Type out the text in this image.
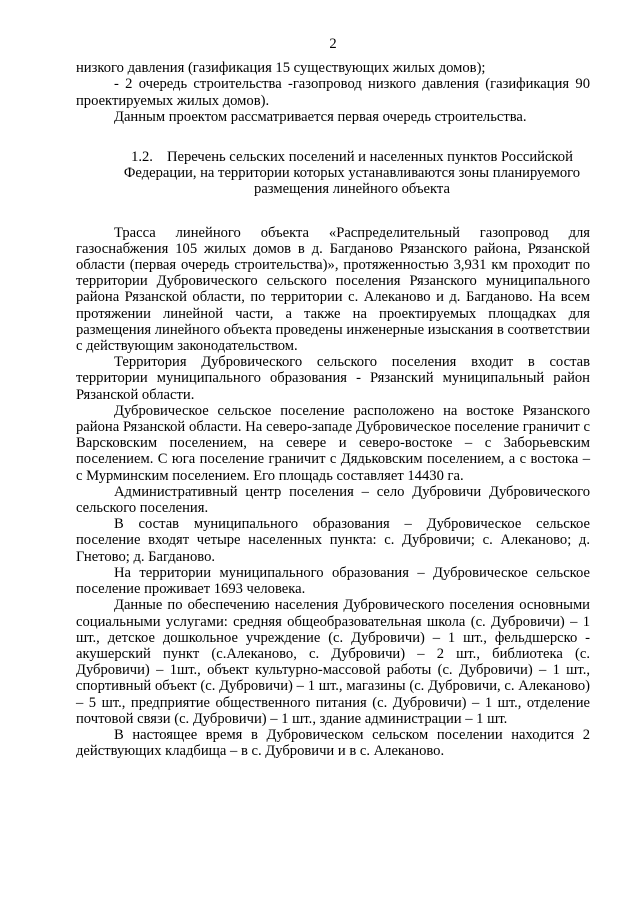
2

низкого давления (газификация 15 существующих жилых домов);

- 2 очередь строительства -газопровод низкого давления (газификация 90 проектируемых жилых домов).

Данным проектом рассматривается первая очередь строительства.

1.2. Перечень сельских поселений и населенных пунктов Российской
Федерации, на территории которых устанавливаются зоны планируемого
размещения линейного объекта

Трасса линейного объекта «Распределительный газопровод для газоснабжения 105 жилых домов в д. Багданово Рязанского района, Рязанской области (первая очередь строительства)», протяженностью 3,931 км проходит по территории Дубровического сельского поселения Рязанского муниципального района Рязанской области, по территории с. Алеканово и д. Багданово. На всем протяжении линейной части, а также на проектируемых площадках для размещения линейного объекта проведены инженерные изыскания в соответствии с действующим законодательством.

Территория Дубровического сельского поселения входит в состав территории муниципального образования - Рязанский муниципальный район Рязанской области.

Дубровическое сельское поселение расположено на востоке Рязанского района Рязанской области. На северо-западе Дубровическое поселение граничит с Варсковским поселением, на севере и северо-востоке – с Заборьевским поселением. С юга поселение граничит с Дядьковским поселением, а с востока – с Мурминским поселением. Его площадь составляет 14430 га.

Административный центр поселения – село Дубровичи Дубровического сельского поселения.

В состав муниципального образования – Дубровическое сельское поселение входят четыре населенных пункта: с. Дубровичи; с. Алеканово; д. Гнетово; д. Багданово.

На территории муниципального образования – Дубровическое сельское поселение проживает 1693 человека.

Данные по обеспечению населения Дубровического поселения основными социальными услугами: средняя общеобразовательная школа (с. Дубровичи) – 1 шт., детское дошкольное учреждение (с. Дубровичи) – 1 шт., фельдшерско - акушерский пункт (с.Алеканово, с. Дубровичи) – 2 шт., библиотека (с. Дубровичи) – 1шт., объект культурно-массовой работы (с. Дубровичи) – 1 шт., спортивный объект (с. Дубровичи) – 1 шт., магазины (с. Дубровичи, с. Алеканово) – 5 шт., предприятие общественного питания (с. Дубровичи) – 1 шт., отделение почтовой связи (с. Дубровичи) – 1 шт., здание администрации – 1 шт.

В настоящее время в Дубровическом сельском поселении находится 2 действующих кладбища – в с. Дубровичи и в с. Алеканово.
